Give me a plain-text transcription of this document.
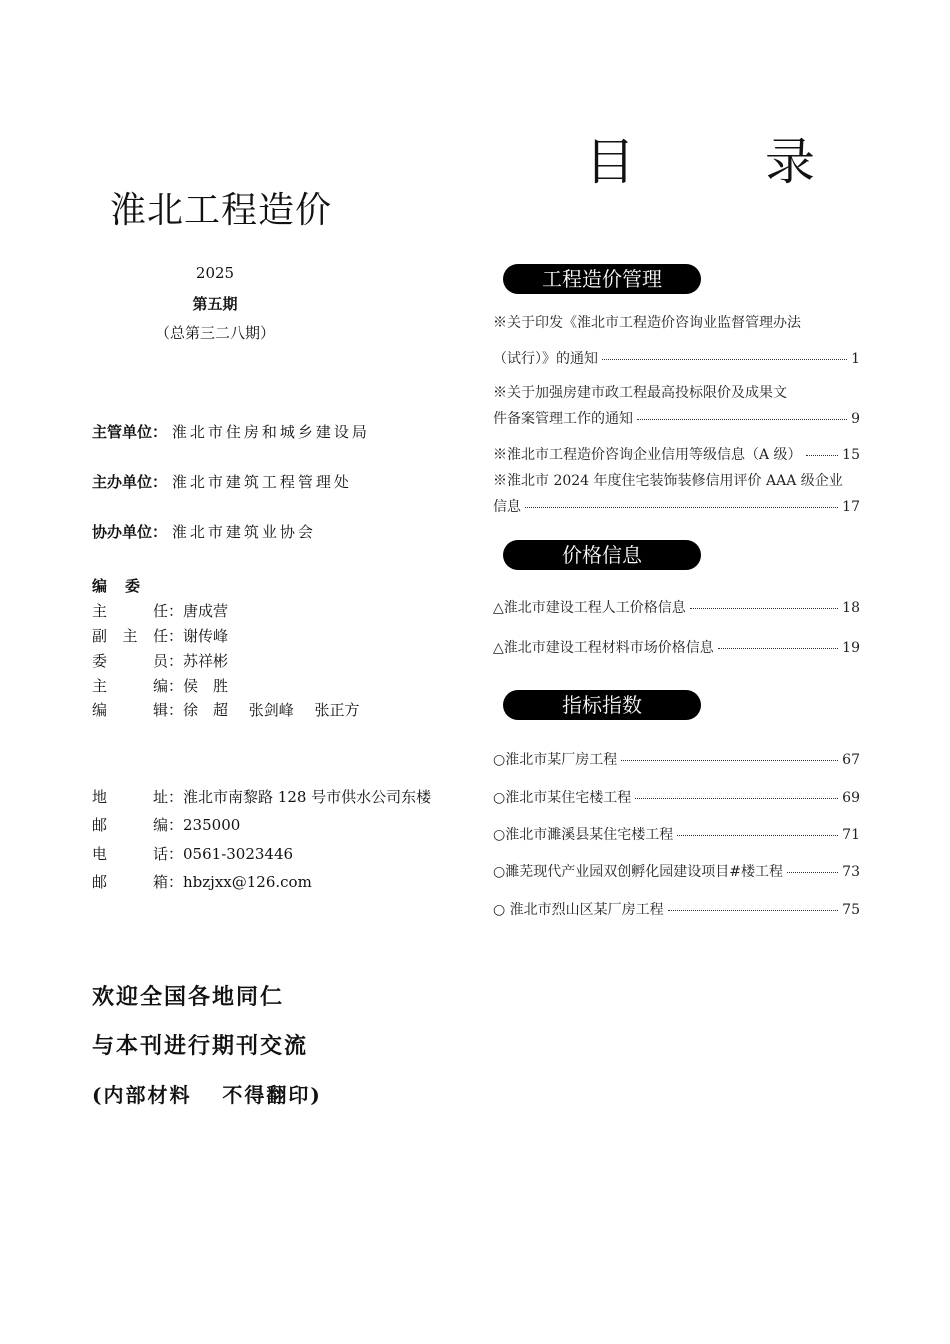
淮北工程造价
目　录
2025
第五期
（总第三二八期）
主管单位： 淮北市住房和城乡建设局
主办单位： 淮北市建筑工程管理处
协办单位： 淮北市建筑业协会
编委
主任：唐成营
副主任：谢传峰
委员：苏祥彬
主编：侯　胜
编辑：徐　超 张剑峰 张正方
地址：淮北市南黎路 128 号市供水公司东楼
邮编：235000
电话：0561-3023446
邮箱：hbzjxx@126.com
欢迎全国各地同仁
与本刊进行期刊交流
(内部材料　 不得翻印)
工程造价管理
※关于印发《淮北市工程造价咨询业监督管理办法
（试行）》的通知	1
※关于加强房建市政工程最高投标限价及成果文
件备案管理工作的通知	9
※淮北市工程造价咨询企业信用等级信息（A 级）	15
※淮北市 2024 年度住宅装饰装修信用评价 AAA 级企业
信息	17
价格信息
△淮北市建设工程人工价格信息	18
△淮北市建设工程材料市场价格信息	19
指标指数
○淮北市某厂房工程	67
○淮北市某住宅楼工程	69
○淮北市濉溪县某住宅楼工程	71
○濉芜现代产业园双创孵化园建设项目#楼工程	73
○ 淮北市烈山区某厂房工程	75
